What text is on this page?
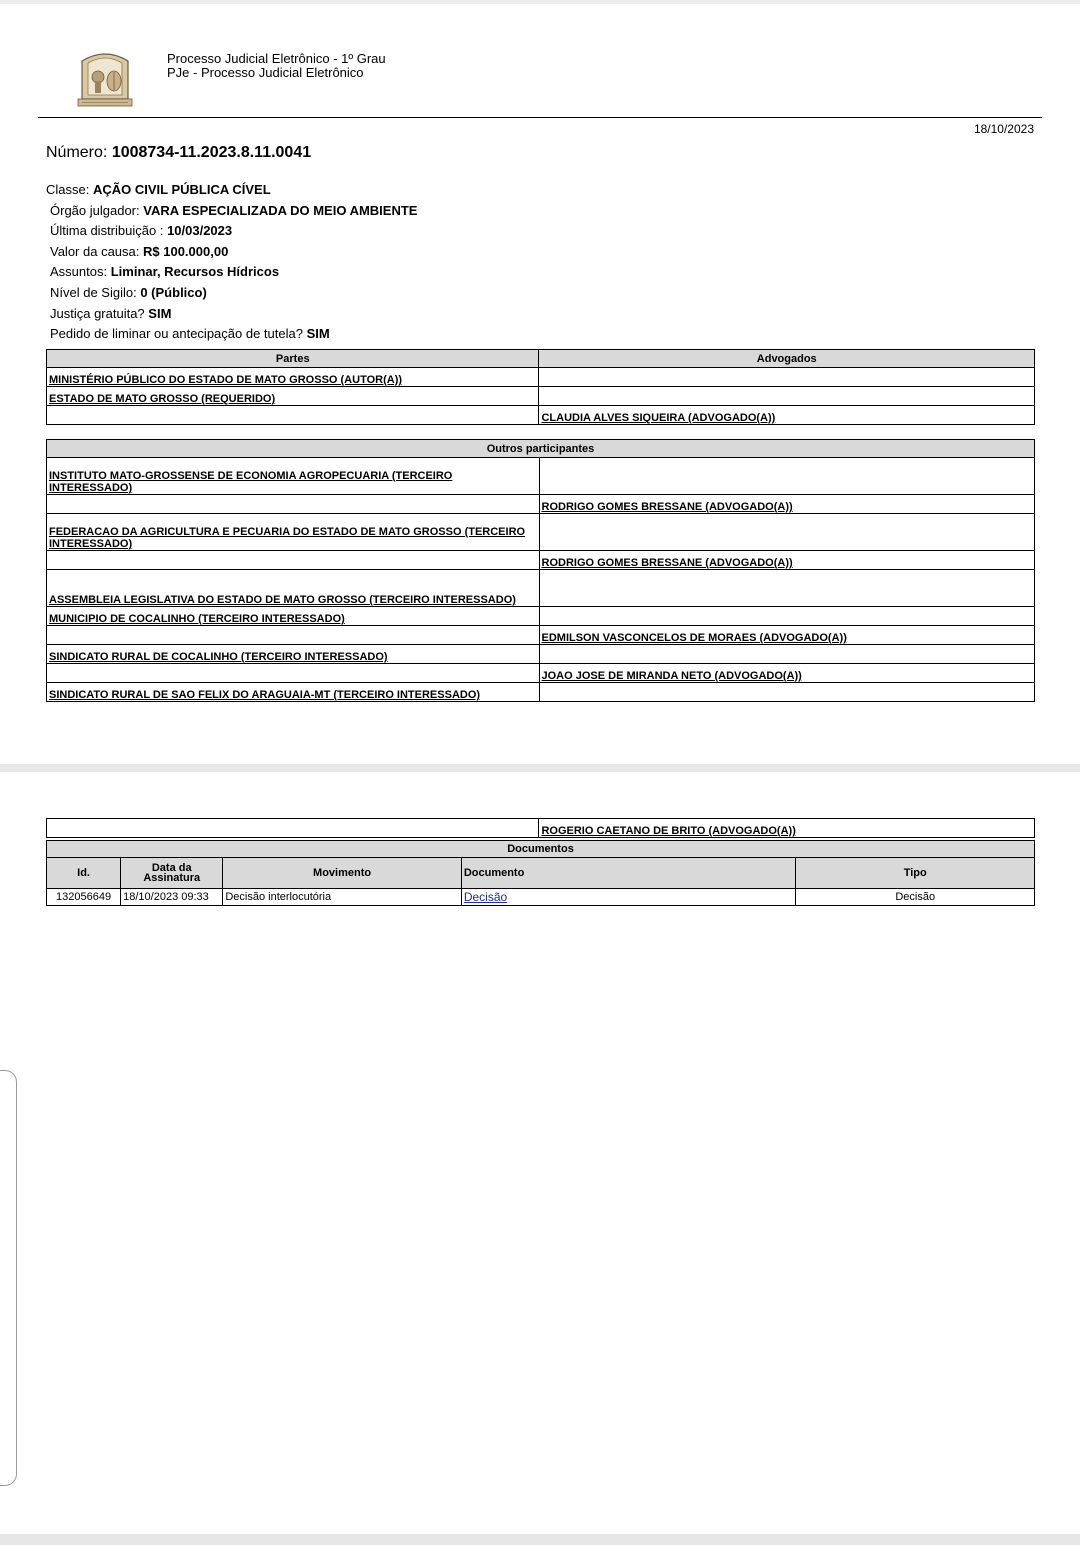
Processo Judicial Eletrônico - 1º Grau
PJe - Processo Judicial Eletrônico
18/10/2023
Número: 1008734-11.2023.8.11.0041
Classe: AÇÃO CIVIL PÚBLICA CÍVEL
Órgão julgador: VARA ESPECIALIZADA DO MEIO AMBIENTE
Última distribuição : 10/03/2023
Valor da causa: R$ 100.000,00
Assuntos: Liminar, Recursos Hídricos
Nível de Sigilo: 0 (Público)
Justiça gratuita? SIM
Pedido de liminar ou antecipação de tutela? SIM
Partes	Advogados
MINISTÉRIO PÚBLICO DO ESTADO DE MATO GROSSO (AUTOR(A))	
ESTADO DE MATO GROSSO (REQUERIDO)	
	CLAUDIA ALVES SIQUEIRA (ADVOGADO(A))
Outros participantes	
INSTITUTO MATO-GROSSENSE DE ECONOMIA AGROPECUARIA (TERCEIRO INTERESSADO)	
	RODRIGO GOMES BRESSANE (ADVOGADO(A))
FEDERACAO DA AGRICULTURA E PECUARIA DO ESTADO DE MATO GROSSO (TERCEIRO INTERESSADO)	
	RODRIGO GOMES BRESSANE (ADVOGADO(A))
ASSEMBLEIA LEGISLATIVA DO ESTADO DE MATO GROSSO (TERCEIRO INTERESSADO)	
MUNICIPIO DE COCALINHO (TERCEIRO INTERESSADO)	
	EDMILSON VASCONCELOS DE MORAES (ADVOGADO(A))
SINDICATO RURAL DE COCALINHO (TERCEIRO INTERESSADO)	
	JOAO JOSE DE MIRANDA NETO (ADVOGADO(A))
SINDICATO RURAL DE SAO FELIX DO ARAGUAIA-MT (TERCEIRO INTERESSADO)	
	ROGERIO CAETANO DE BRITO (ADVOGADO(A))
Documentos				
Id.	Data da Assinatura	Movimento	Documento	Tipo
132056649	18/10/2023 09:33	Decisão interlocutória	Decisão	Decisão
